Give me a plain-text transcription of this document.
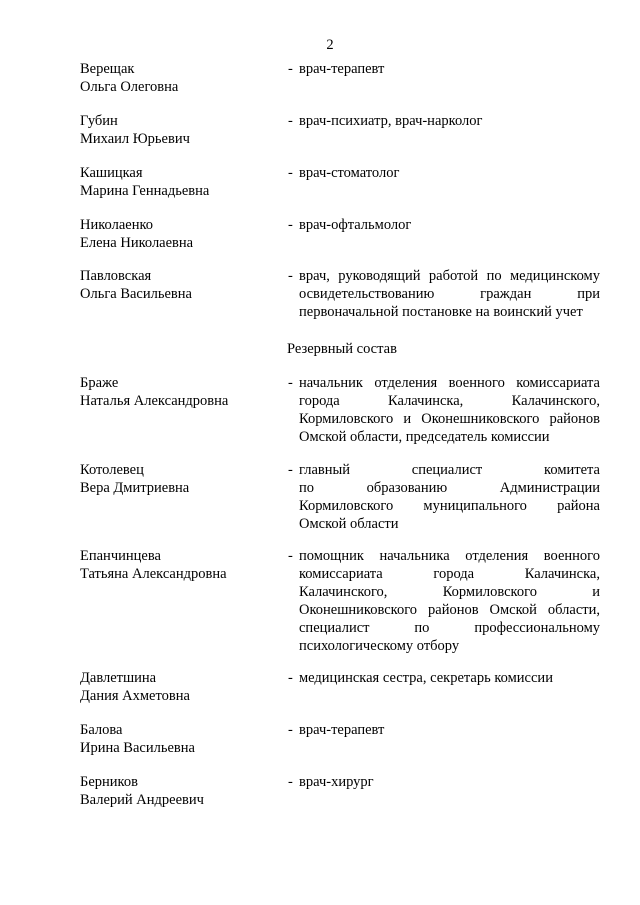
2
Верещак
Ольга Олеговна
- врач-терапевт
Губин
Михаил Юрьевич
- врач-психиатр, врач-нарколог
Кашицкая
Марина Геннадьевна
- врач-стоматолог
Николаенко
Елена Николаевна
- врач-офтальмолог
Павловская
Ольга Васильевна
- врач, руководящий работой по медицинскому
освидетельствованию граждан при
первоначальной постановке на воинский учет
Резервный состав
Браже
Наталья Александровна
- начальник отделения военного комиссариата
города Калачинска, Калачинского,
Кормиловского и Оконешниковского районов
Омской области, председатель комиссии
Котолевец
Вера Дмитриевна
- главный специалист комитета
по образованию Администрации
Кормиловского муниципального района
Омской области
Епанчинцева
Татьяна Александровна
- помощник начальника отделения военного
комиссариата города Калачинска,
Калачинского, Кормиловского и
Оконешниковского районов Омской области,
специалист по профессиональному
психологическому отбору
Давлетшина
Дания Ахметовна
- медицинская сестра, секретарь комиссии
Балова
Ирина Васильевна
- врач-терапевт
Берников
Валерий Андреевич
- врач-хирург
